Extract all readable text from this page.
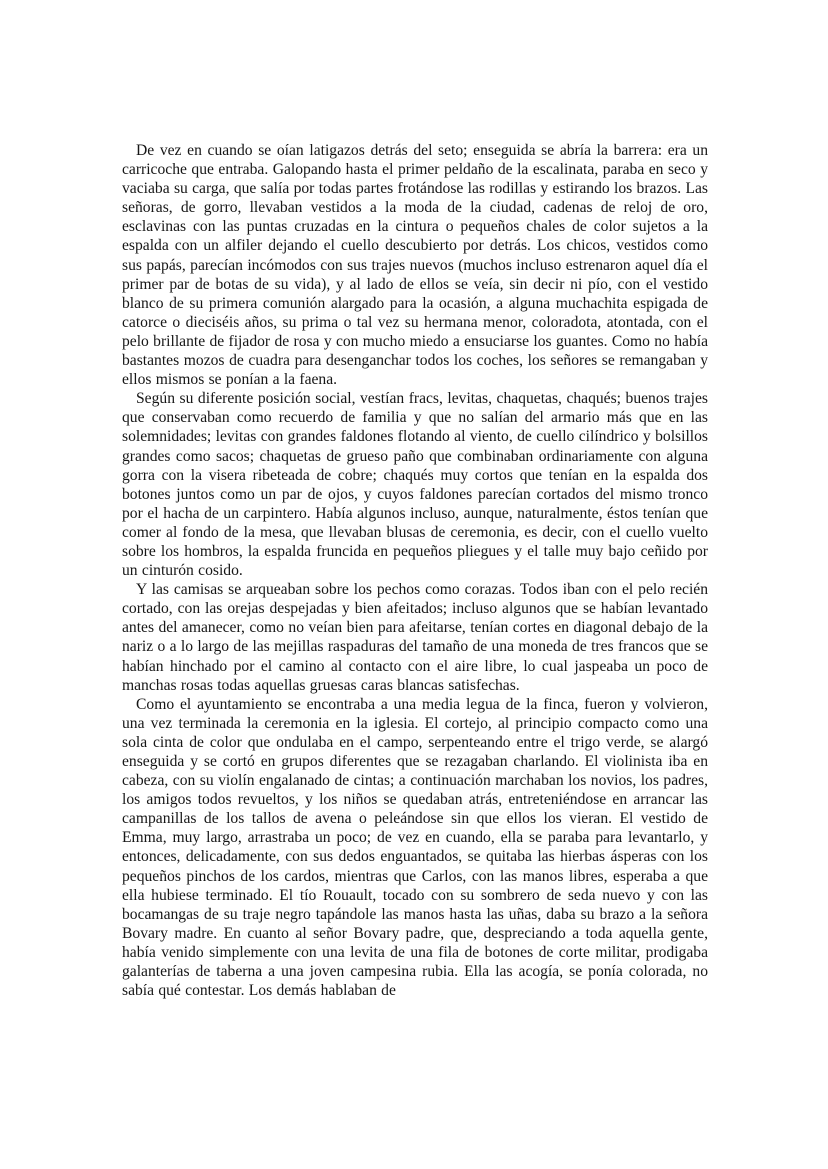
De vez en cuando se oían latigazos detrás del seto; enseguida se abría la barrera: era un carricoche que entraba. Galopando hasta el primer peldaño de la escalinata, paraba en seco y vaciaba su carga, que salía por todas partes frotándose las rodillas y estirando los brazos. Las señoras, de gorro, llevaban vestidos a la moda de la ciudad, cadenas de reloj de oro, esclavinas con las puntas cruzadas en la cintura o pequeños chales de color sujetos a la espalda con un alfiler dejando el cuello descubierto por detrás. Los chicos, vestidos como sus papás, parecían incómodos con sus trajes nuevos (muchos incluso estrenaron aquel día el primer par de botas de su vida), y al lado de ellos se veía, sin decir ni pío, con el vestido blanco de su primera comunión alargado para la ocasión, a alguna muchachita espigada de catorce o dieciséis años, su prima o tal vez su hermana menor, coloradota, atontada, con el pelo brillante de fijador de rosa y con mucho miedo a ensuciarse los guantes. Como no había bastantes mozos de cuadra para desenganchar todos los coches, los señores se remangaban y ellos mismos se ponían a la faena.

Según su diferente posición social, vestían fracs, levitas, chaquetas, chaqués; buenos trajes que conservaban como recuerdo de familia y que no salían del armario más que en las solemnidades; levitas con grandes faldones flotando al viento, de cuello cilíndrico y bolsillos grandes como sacos; chaquetas de grueso paño que combinaban ordinariamente con alguna gorra con la visera ribeteada de cobre; chaqués muy cortos que tenían en la espalda dos botones juntos como un par de ojos, y cuyos faldones parecían cortados del mismo tronco por el hacha de un carpintero. Había algunos incluso, aunque, naturalmente, éstos tenían que comer al fondo de la mesa, que llevaban blusas de ceremonia, es decir, con el cuello vuelto sobre los hombros, la espalda fruncida en pequeños pliegues y el talle muy bajo ceñido por un cinturón cosido.

Y las camisas se arqueaban sobre los pechos como corazas. Todos iban con el pelo recién cortado, con las orejas despejadas y bien afeitados; incluso algunos que se habían levantado antes del amanecer, como no veían bien para afeitarse, tenían cortes en diagonal debajo de la nariz o a lo largo de las mejillas raspaduras del tamaño de una moneda de tres francos que se habían hinchado por el camino al contacto con el aire libre, lo cual jaspeaba un poco de manchas rosas todas aquellas gruesas caras blancas satisfechas.

Como el ayuntamiento se encontraba a una media legua de la finca, fueron y volvieron, una vez terminada la ceremonia en la iglesia. El cortejo, al principio compacto como una sola cinta de color que ondulaba en el campo, serpenteando entre el trigo verde, se alargó enseguida y se cortó en grupos diferentes que se rezagaban charlando. El violinista iba en cabeza, con su violín engalanado de cintas; a continuación marchaban los novios, los padres, los amigos todos revueltos, y los niños se quedaban atrás, entreteniéndose en arrancar las campanillas de los tallos de avena o peleándose sin que ellos los vieran. El vestido de Emma, muy largo, arrastraba un poco; de vez en cuando, ella se paraba para levantarlo, y entonces, delicadamente, con sus dedos enguantados, se quitaba las hierbas ásperas con los pequeños pinchos de los cardos, mientras que Carlos, con las manos libres, esperaba a que ella hubiese terminado. El tío Rouault, tocado con su sombrero de seda nuevo y con las bocamangas de su traje negro tapándole las manos hasta las uñas, daba su brazo a la señora Bovary madre. En cuanto al señor Bovary padre, que, despreciando a toda aquella gente, había venido simplemente con una levita de una fila de botones de corte militar, prodigaba galanterías de taberna a una joven campesina rubia. Ella las acogía, se ponía colorada, no sabía qué contestar. Los demás hablaban de
